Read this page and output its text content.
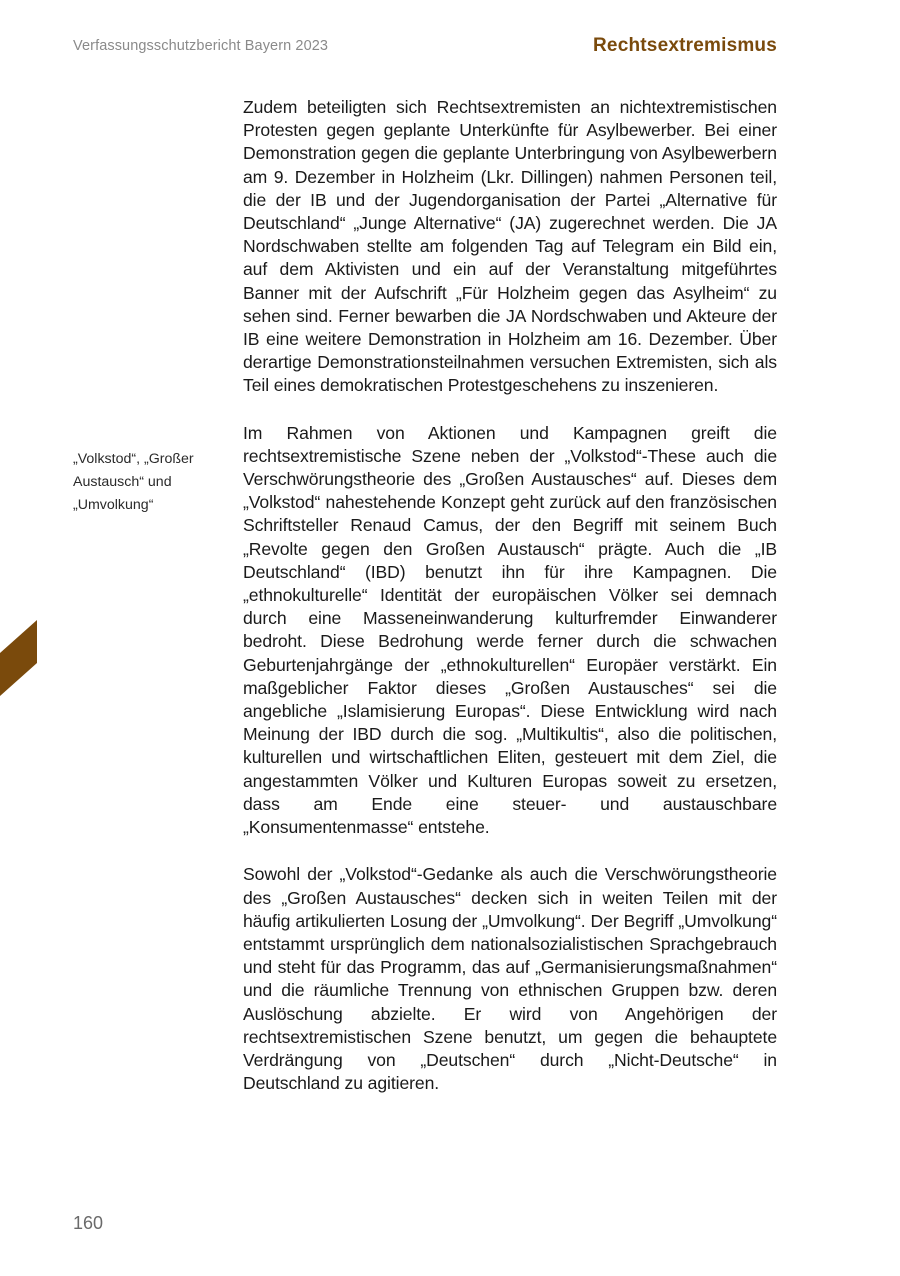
Verfassungsschutzbericht Bayern 2023	Rechtsextremismus
„Volkstod“, „Großer Austausch“ und „Umvolkung“

Zudem beteiligten sich Rechtsextremisten an nichtextremistischen Protesten gegen geplante Unterkünfte für Asylbewerber. Bei einer Demonstration gegen die geplante Unterbringung von Asylbewerbern am 9. Dezember in Holzheim (Lkr. Dillingen) nahmen Personen teil, die der IB und der Jugendorganisation der Partei „Alternative für Deutschland“ „Junge Alternative“ (JA) zugerechnet werden. Die JA Nordschwaben stellte am folgenden Tag auf Telegram ein Bild ein, auf dem Aktivisten und ein auf der Veranstaltung mitgeführtes Banner mit der Aufschrift „Für Holzheim gegen das Asylheim“ zu sehen sind. Ferner bewarben die JA Nordschwaben und Akteure der IB eine weitere Demonstration in Holzheim am 16. Dezember. Über derartige Demonstrationsteilnahmen versuchen Extremisten, sich als Teil eines demokratischen Protestgeschehens zu inszenieren.

Im Rahmen von Aktionen und Kampagnen greift die rechtsextremistische Szene neben der „Volkstod“-These auch die Verschwörungstheorie des „Großen Austausches“ auf. Dieses dem „Volkstod“ nahestehende Konzept geht zurück auf den französischen Schriftsteller Renaud Camus, der den Begriff mit seinem Buch „Revolte gegen den Großen Austausch“ prägte. Auch die „IB Deutschland“ (IBD) benutzt ihn für ihre Kampagnen. Die „ethnokulturelle“ Identität der europäischen Völker sei demnach durch eine Masseneinwanderung kulturfremder Einwanderer bedroht. Diese Bedrohung werde ferner durch die schwachen Geburtenjahrgänge der „ethnokulturellen“ Europäer verstärkt. Ein maßgeblicher Faktor dieses „Großen Austausches“ sei die angebliche „Islamisierung Europas“. Diese Entwicklung wird nach Meinung der IBD durch die sog. „Multikultis“, also die politischen, kulturellen und wirtschaftlichen Eliten, gesteuert mit dem Ziel, die angestammten Völker und Kulturen Europas soweit zu ersetzen, dass am Ende eine steuer- und austauschbare „Konsumentenmasse“ entstehe.

Sowohl der „Volkstod“-Gedanke als auch die Verschwörungstheorie des „Großen Austausches“ decken sich in weiten Teilen mit der häufig artikulierten Losung der „Umvolkung“. Der Begriff „Umvolkung“ entstammt ursprünglich dem nationalsozialistischen Sprachgebrauch und steht für das Programm, das auf „Germanisierungsmaßnahmen“ und die räumliche Trennung von ethnischen Gruppen bzw. deren Auslöschung abzielte. Er wird von Angehörigen der rechtsextremistischen Szene benutzt, um gegen die behauptete Verdrängung von „Deutschen“ durch „Nicht-Deutsche“ in Deutschland zu agitieren.

160
